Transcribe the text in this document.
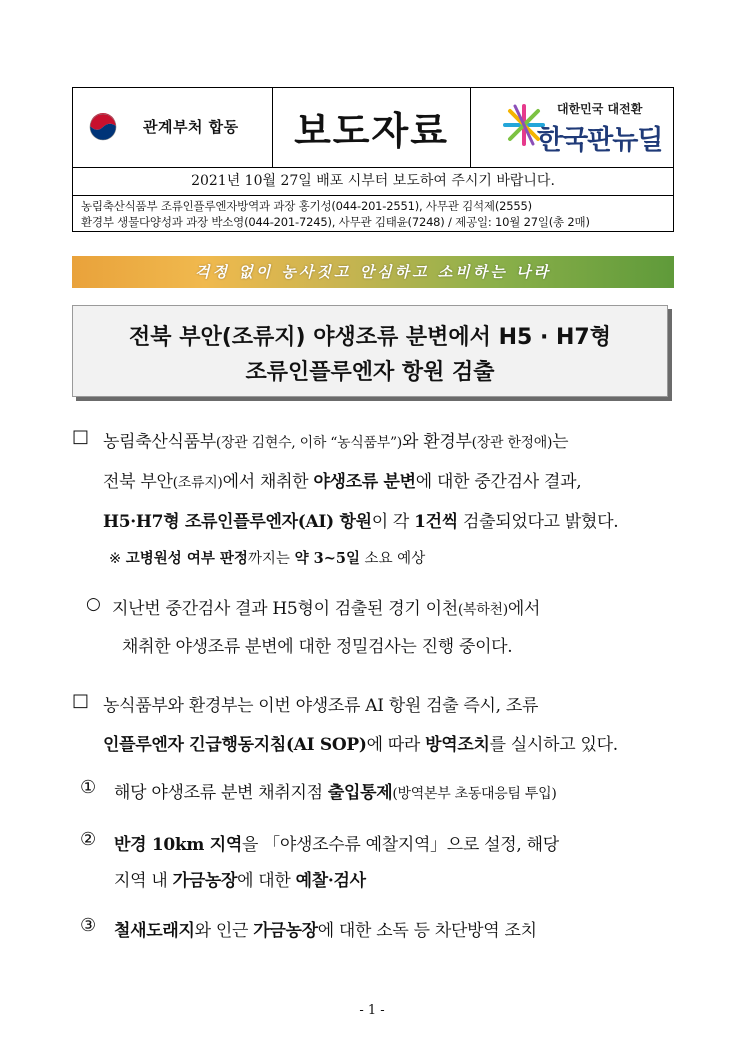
관계부처 합동	보도자료	대한민국 대전환
한국판뉴딜
2021년 10월 27일 배포 시부터 보도하여 주시기 바랍니다.
농림축산식품부 조류인플루엔자방역과 과장 홍기성(044-201-2551), 사무관 김석제(2555)
환경부 생물다양성과 과장 박소영(044-201-7245), 사무관 김태윤(7248) / 제공일: 10월 27일(총 2매)
걱정 없이 농사짓고 안심하고 소비하는 나라
전북 부안(조류지) 야생조류 분변에서 H5 · H7형
조류인플루엔자 항원 검출
□ 농림축산식품부(장관 김현수, 이하 “농식품부”)와 환경부(장관 한정애)는
전북 부안(조류지)에서 채취한 야생조류 분변에 대한 중간검사 결과,
H5·H7형 조류인플루엔자(AI) 항원이 각 1건씩 검출되었다고 밝혔다.
※ 고병원성 여부 판정까지는 약 3~5일 소요 예상
○ 지난번 중간검사 결과 H5형이 검출된 경기 이천(복하천)에서
채취한 야생조류 분변에 대한 정밀검사는 진행 중이다.
□ 농식품부와 환경부는 이번 야생조류 AI 항원 검출 즉시, 조류
인플루엔자 긴급행동지침(AI SOP)에 따라 방역조치를 실시하고 있다.
① 해당 야생조류 분변 채취지점 출입통제(방역본부 초동대응팀 투입)
② 반경 10km 지역을 「야생조수류 예찰지역」으로 설정, 해당
지역 내 가금농장에 대한 예찰·검사
③ 철새도래지와 인근 가금농장에 대한 소독 등 차단방역 조치
- 1 -
